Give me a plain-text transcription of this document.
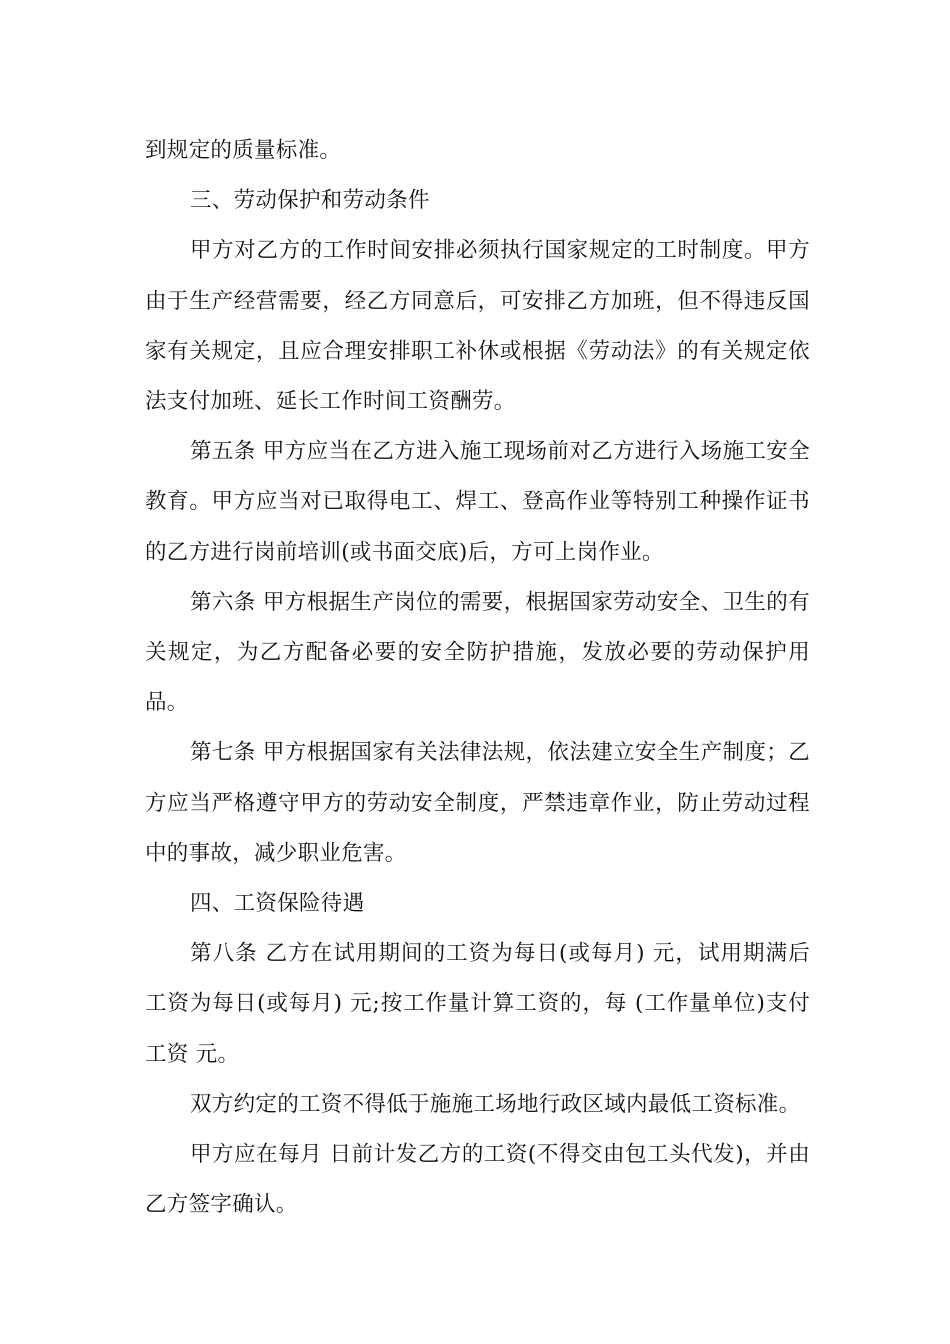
到规定的质量标准。

三、劳动保护和劳动条件

甲方对乙方的工作时间安排必须执行国家规定的工时制度。甲方由于生产经营需要，经乙方同意后，可安排乙方加班，但不得违反国家有关规定，且应合理安排职工补休或根据《劳动法》的有关规定依法支付加班、延长工作时间工资酬劳。

第五条 甲方应当在乙方进入施工现场前对乙方进行入场施工安全教育。甲方应当对已取得电工、焊工、登高作业等特别工种操作证书的乙方进行岗前培训(或书面交底)后，方可上岗作业。

第六条 甲方根据生产岗位的需要，根据国家劳动安全、卫生的有关规定，为乙方配备必要的安全防护措施，发放必要的劳动保护用品。

第七条 甲方根据国家有关法律法规，依法建立安全生产制度；乙方应当严格遵守甲方的劳动安全制度，严禁违章作业，防止劳动过程中的事故，减少职业危害。

四、工资保险待遇

第八条 乙方在试用期间的工资为每日(或每月) 元，试用期满后工资为每日(或每月) 元;按工作量计算工资的，每 (工作量单位)支付工资 元。

双方约定的工资不得低于施施工场地行政区域内最低工资标准。

甲方应在每月 日前计发乙方的工资(不得交由包工头代发)，并由乙方签字确认。
